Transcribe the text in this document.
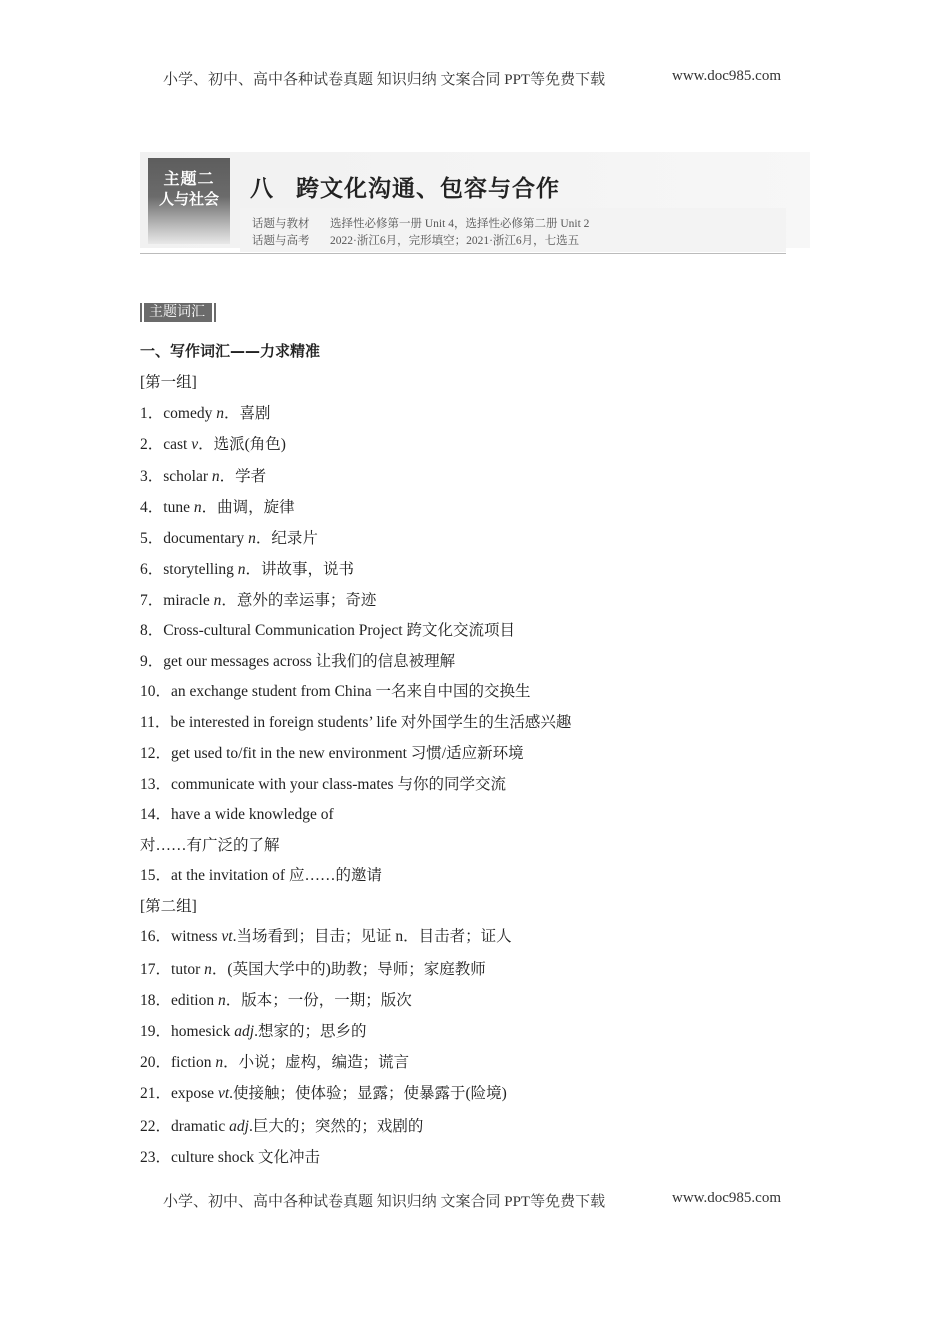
小学、初中、高中各种试卷真题 知识归纳 文案合同 PPT等免费下载	www.doc985.com
主题二
人与社会	八 跨文化沟通、包容与合作
话题与教材 选择性必修第一册 Unit 4，选择性必修第二册 Unit 2
话题与高考 2022·浙江6月，完形填空；2021·浙江6月，七选五
主题词汇
一、写作词汇——力求精准
[第一组]
1．comedy n．喜剧
2．cast v．选派(角色)
3．scholar n．学者
4．tune n．曲调，旋律
5．documentary n．纪录片
6．storytelling n．讲故事，说书
7．miracle n．意外的幸运事；奇迹
8．Cross-cultural Communication Project 跨文化交流项目
9．get our messages across 让我们的信息被理解
10．an exchange student from China 一名来自中国的交换生
11．be interested in foreign students’ life 对外国学生的生活感兴趣
12．get used to/fit in the new environment 习惯/适应新环境
13．communicate with your class-mates 与你的同学交流
14．have a wide knowledge of
对……有广泛的了解
15．at the invitation of 应……的邀请
16．witness vt.当场看到；目击；见证 n．目击者；证人
17．tutor n．(英国大学中的)助教；导师；家庭教师
18．edition n．版本；一份，一期；版次
19．homesick adj.想家的；思乡的
20．fiction n．小说；虚构，编造；谎言
21．expose vt.使接触；使体验；显露；使暴露于(险境)
22．dramatic adj.巨大的；突然的；戏剧的
23．culture shock 文化冲击
[第二组]
小学、初中、高中各种试卷真题 知识归纳 文案合同 PPT等免费下载	www.doc985.com
